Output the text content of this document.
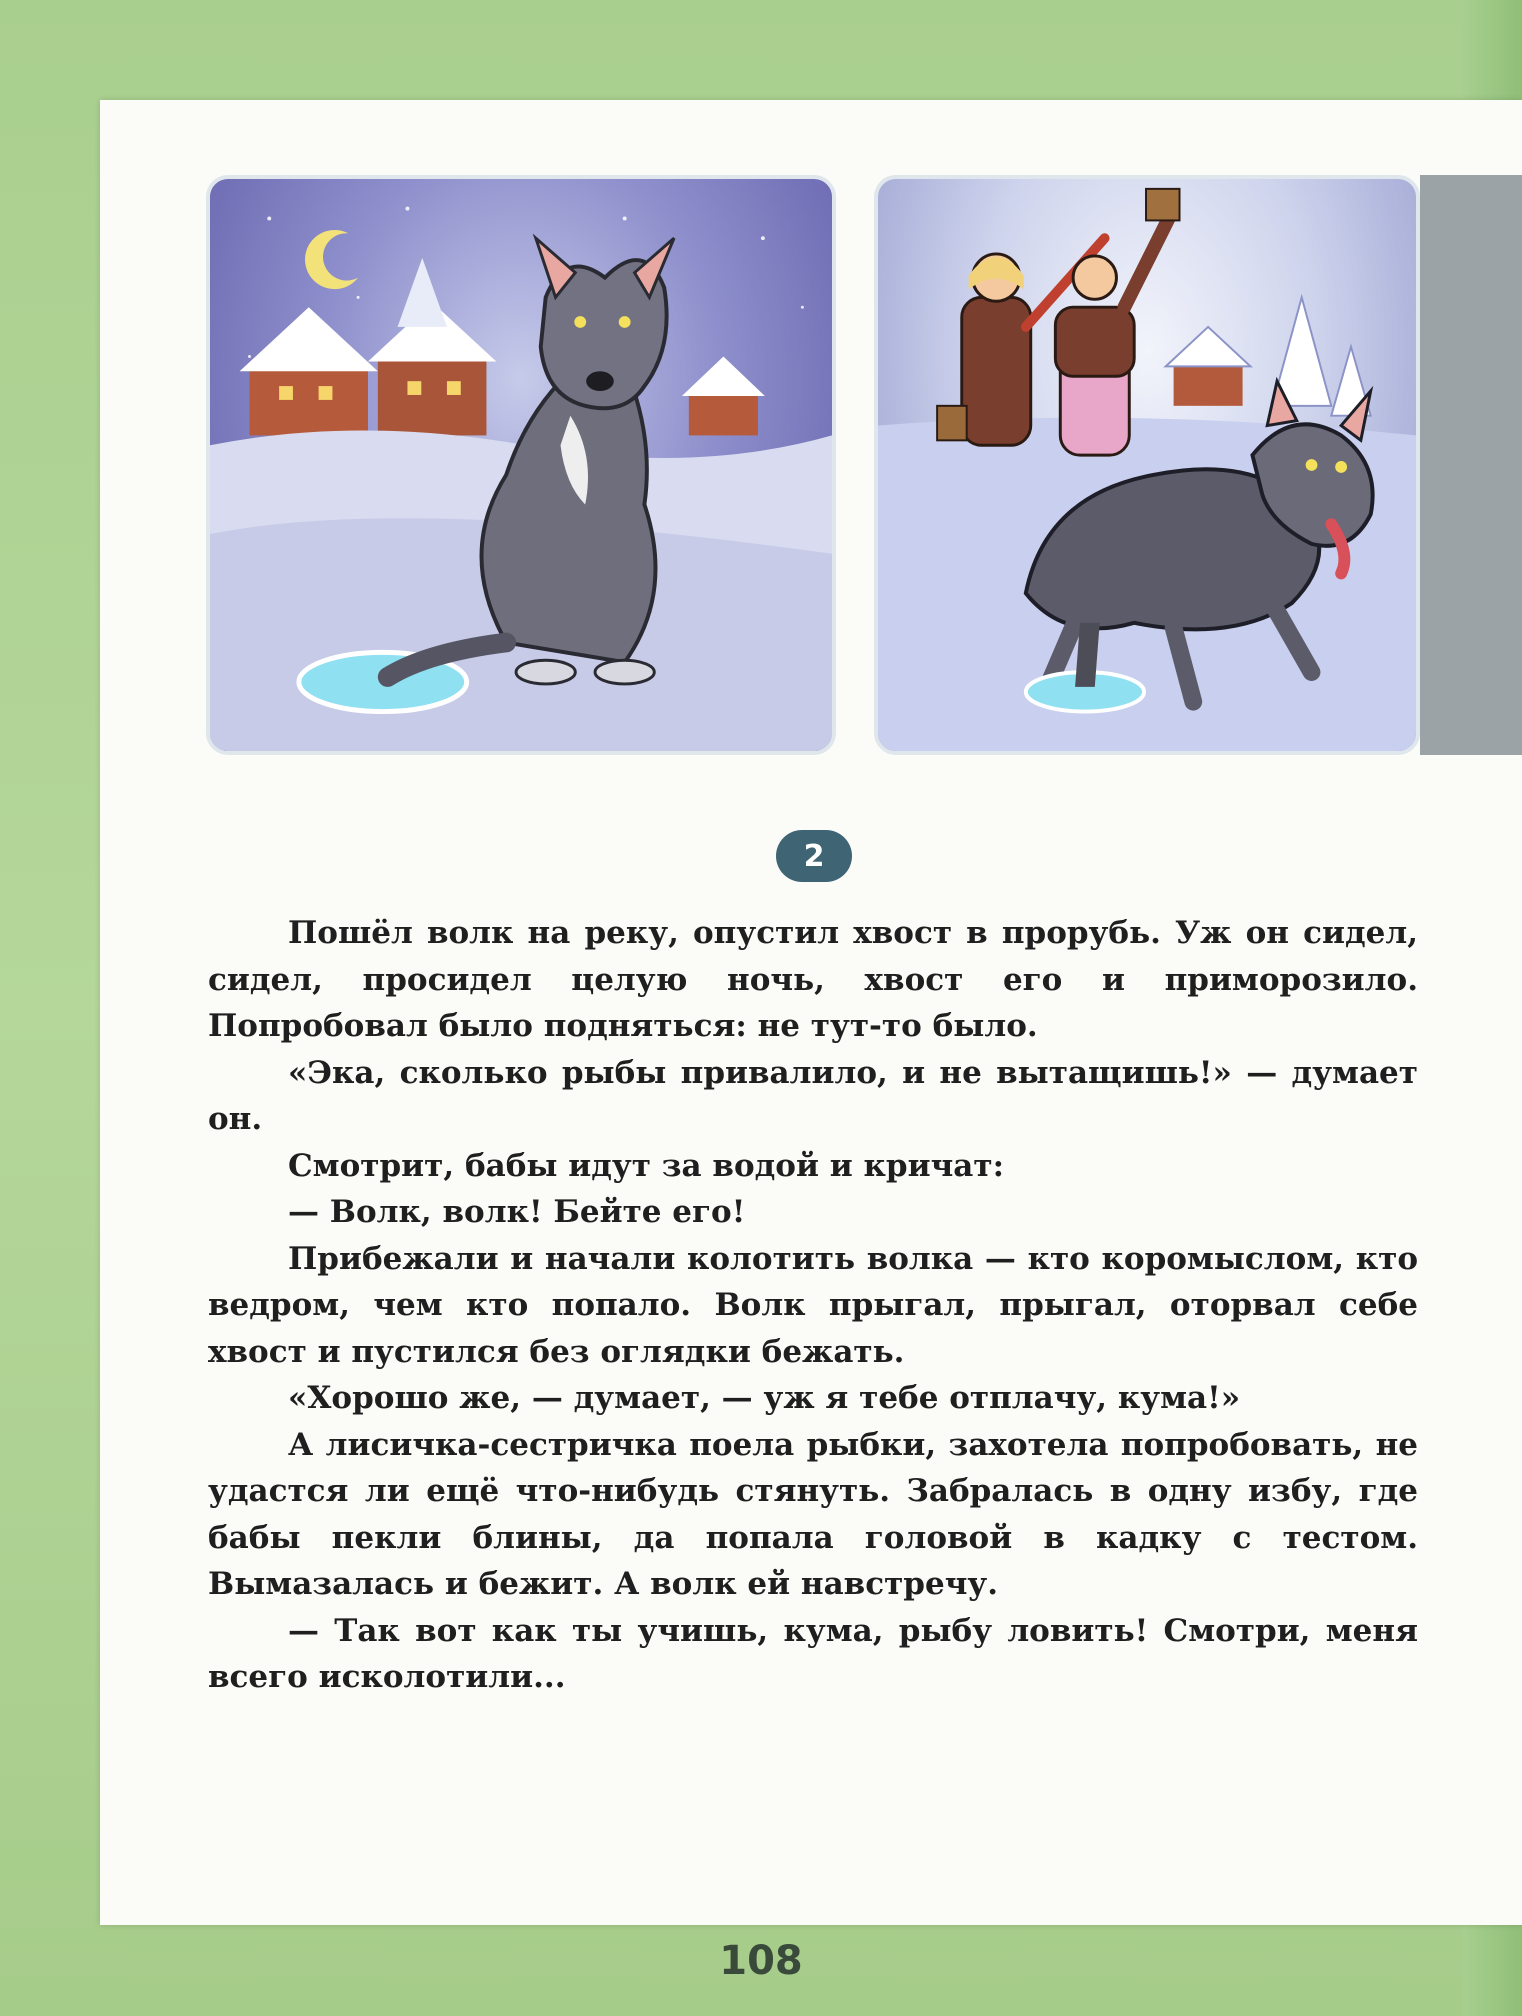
2

Пошёл волк на реку, опустил хвост в прорубь. Уж он сидел, сидел, просидел целую ночь, хвост его и приморозило. Попробовал было подняться: не тут-то было.

«Эка, сколько рыбы привалило, и не вытащишь!» — думает он.

Смотрит, бабы идут за водой и кричат:

— Волк, волк! Бейте его!

Прибежали и начали колотить волка — кто коромыслом, кто ведром, чем кто попало. Волк прыгал, прыгал, оторвал себе хвост и пустился без оглядки бежать.

«Хорошо же, — думает, — уж я тебе отплачу, кума!»

А лисичка-сестричка поела рыбки, захотела попробовать, не удастся ли ещё что-нибудь стянуть. Забралась в одну избу, где бабы пекли блины, да попала головой в кадку с тестом. Вымазалась и бежит. А волк ей навстречу.

— Так вот как ты учишь, кума, рыбу ловить! Смотри, меня всего исколотили...

108
